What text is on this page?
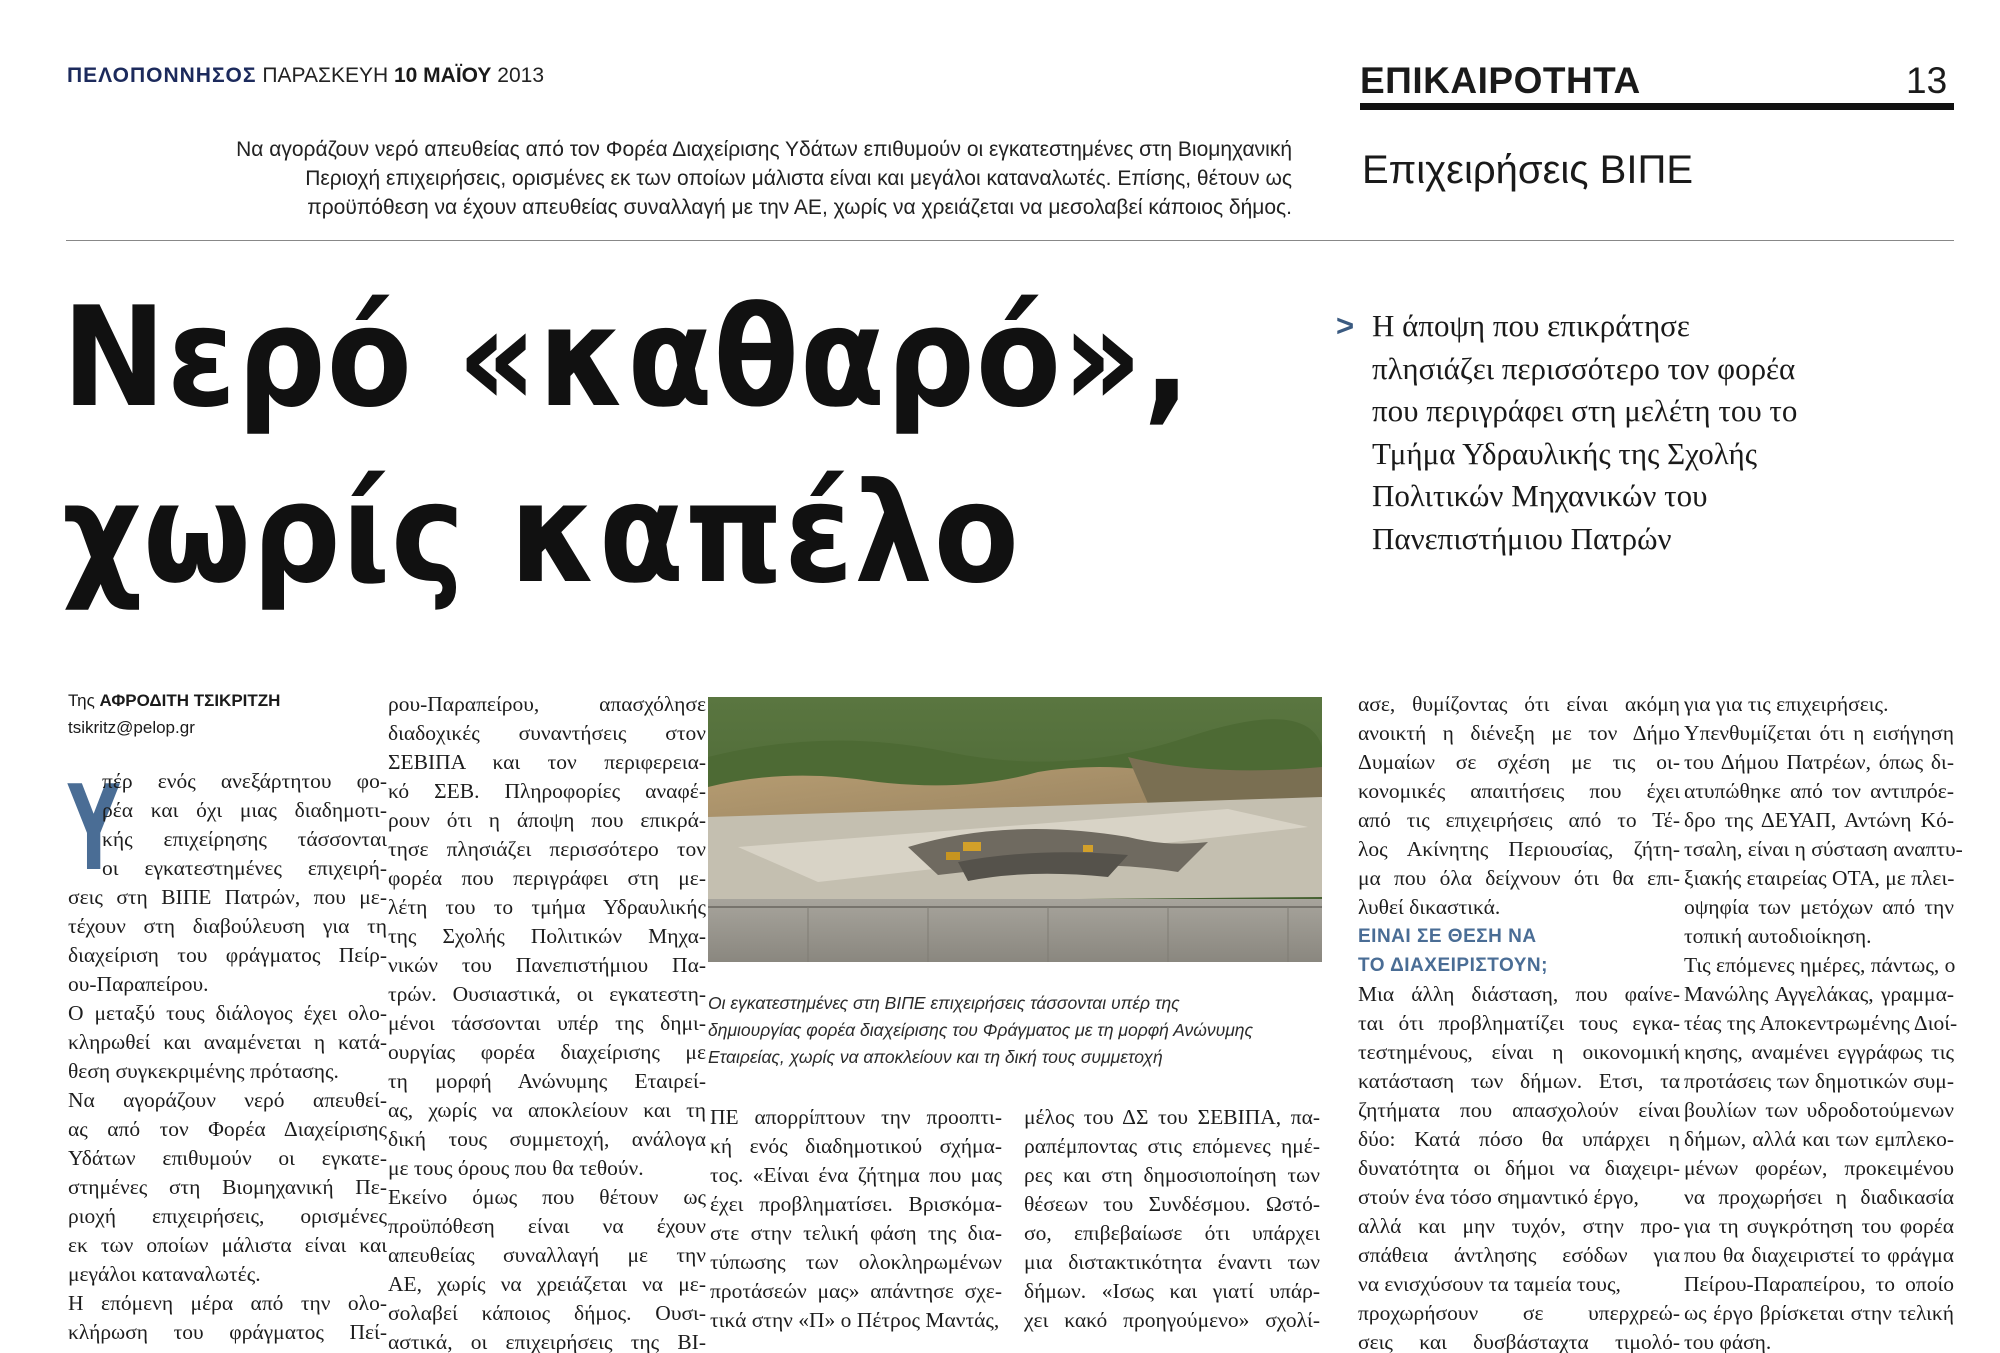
ΠΕΛΟΠΟΝΝΗΣΟΣ ΠΑΡΑΣΚΕΥΗ 10 ΜΑΪΟΥ 2013	ΕΠΙΚΑΙΡΟΤΗΤΑ	13
Επιχειρήσεις ΒΙΠΕ
Να αγοράζουν νερό απευθείας από τον Φορέα Διαχείρισης Υδάτων επιθυμούν οι εγκατεστημένες στη Βιομηχανική
Περιοχή επιχειρήσεις, ορισμένες εκ των οποίων μάλιστα είναι και μεγάλοι καταναλωτές. Επίσης, θέτουν ως
προϋπόθεση να έχουν απευθείας συναλλαγή με την ΑΕ, χωρίς να χρειάζεται να μεσολαβεί κάποιος δήμος.
Νερό «καθαρό»,
χωρίς καπέλο
> Η άποψη που επικράτησε
πλησιάζει περισσότερο τον φορέα
που περιγράφει στη μελέτη του το
Τμήμα Υδραυλικής της Σχολής
Πολιτικών Μηχανικών του
Πανεπιστήμιου Πατρών
Της ΑΦΡΟΔΙΤΗ ΤΣΙΚΡΙΤΖΗ
tsikritz@pelop.gr
Υ
πέρ ενός ανεξάρτητου φο-
ρέα και όχι μιας διαδημοτι-
κής επιχείρησης τάσσονται
οι εγκατεστημένες επιχειρή-
σεις στη ΒΙΠΕ Πατρών, που με-
τέχουν στη διαβούλευση για τη
διαχείριση του φράγματος Πείρ-
ου-Παραπείρου.
Ο μεταξύ τους διάλογος έχει ολο-
κληρωθεί και αναμένεται η κατά-
θεση συγκεκριμένης πρότασης.
Να αγοράζουν νερό απευθεί-
ας από τον Φορέα Διαχείρισης
Υδάτων επιθυμούν οι εγκατε-
στημένες στη Βιομηχανική Πε-
ριοχή επιχειρήσεις, ορισμένες
εκ των οποίων μάλιστα είναι και
μεγάλοι καταναλωτές.
Η επόμενη μέρα από την ολο-
κλήρωση του φράγματος Πεί-
ρου-Παραπείρου, απασχόλησε
διαδοχικές συναντήσεις στον
ΣΕΒΙΠΑ και τον περιφερεια-
κό ΣΕΒ. Πληροφορίες αναφέ-
ρουν ότι η άποψη που επικρά-
τησε πλησιάζει περισσότερο τον
φορέα που περιγράφει στη με-
λέτη του το τμήμα Υδραυλικής
της Σχολής Πολιτικών Μηχα-
νικών του Πανεπιστήμιου Πα-
τρών. Ουσιαστικά, οι εγκατεστη-
μένοι τάσσονται υπέρ της δημι-
ουργίας φορέα διαχείρισης με
τη μορφή Ανώνυμης Εταιρεί-
ας, χωρίς να αποκλείουν και τη
δική τους συμμετοχή, ανάλογα
με τους όρους που θα τεθούν.
Εκείνο όμως που θέτουν ως
προϋπόθεση είναι να έχουν
απευθείας συναλλαγή με την
ΑΕ, χωρίς να χρειάζεται να με-
σολαβεί κάποιος δήμος. Ουσι-
αστικά, οι επιχειρήσεις της ΒΙ-
Οι εγκατεστημένες στη ΒΙΠΕ επιχειρήσεις τάσσονται υπέρ της
δημιουργίας φορέα διαχείρισης του Φράγματος με τη μορφή Ανώνυμης
Εταιρείας, χωρίς να αποκλείουν και τη δική τους συμμετοχή
ΠΕ απορρίπτουν την προοπτι-
κή ενός διαδημοτικού σχήμα-
τος. «Είναι ένα ζήτημα που μας
έχει προβληματίσει. Βρισκόμα-
στε στην τελική φάση της δια-
τύπωσης των ολοκληρωμένων
προτάσεών μας» απάντησε σχε-
τικά στην «Π» ο Πέτρος Μαντάς,
μέλος του ΔΣ του ΣΕΒΙΠΑ, πα-
ραπέμποντας στις επόμενες ημέ-
ρες και στη δημοσιοποίηση των
θέσεων του Συνδέσμου. Ωστό-
σο, επιβεβαίωσε ότι υπάρχει
μια διστακτικότητα έναντι των
δήμων. «Ισως και γιατί υπάρ-
χει κακό προηγούμενο» σχολί-
ασε, θυμίζοντας ότι είναι ακόμη
ανοικτή η διένεξη με τον Δήμο
Δυμαίων σε σχέση με τις οι-
κονομικές απαιτήσεις που έχει
από τις επιχειρήσεις από το Τέ-
λος Ακίνητης Περιουσίας, ζήτη-
μα που όλα δείχνουν ότι θα επι-
λυθεί δικαστικά.
ΕΙΝΑΙ ΣΕ ΘΕΣΗ ΝΑ
ΤΟ ΔΙΑΧΕΙΡΙΣΤΟΥΝ;
Μια άλλη διάσταση, που φαίνε-
ται ότι προβληματίζει τους εγκα-
τεστημένους, είναι η οικονομική
κατάσταση των δήμων. Ετσι, τα
ζητήματα που απασχολούν είναι
δύο: Κατά πόσο θα υπάρχει η
δυνατότητα οι δήμοι να διαχειρι-
στούν ένα τόσο σημαντικό έργο,
αλλά και μην τυχόν, στην προ-
σπάθεια άντλησης εσόδων για
να ενισχύσουν τα ταμεία τους,
προχωρήσουν σε υπερχρεώ-
σεις και δυσβάσταχτα τιμολό-
για για τις επιχειρήσεις.
Υπενθυμίζεται ότι η εισήγηση
του Δήμου Πατρέων, όπως δι-
ατυπώθηκε από τον αντιπρόε-
δρο της ΔΕΥΑΠ, Αντώνη Κό-
τσαλη, είναι η σύσταση αναπτυ-
ξιακής εταιρείας ΟΤΑ, με πλει-
οψηφία των μετόχων από την
τοπική αυτοδιοίκηση.
Τις επόμενες ημέρες, πάντως, ο
Μανώλης Αγγελάκας, γραμμα-
τέας της Αποκεντρωμένης Διοί-
κησης, αναμένει εγγράφως τις
προτάσεις των δημοτικών συμ-
βουλίων των υδροδοτούμενων
δήμων, αλλά και των εμπλεκο-
μένων φορέων, προκειμένου
να προχωρήσει η διαδικασία
για τη συγκρότηση του φορέα
που θα διαχειριστεί το φράγμα
Πείρου-Παραπείρου, το οποίο
ως έργο βρίσκεται στην τελική
του φάση.
